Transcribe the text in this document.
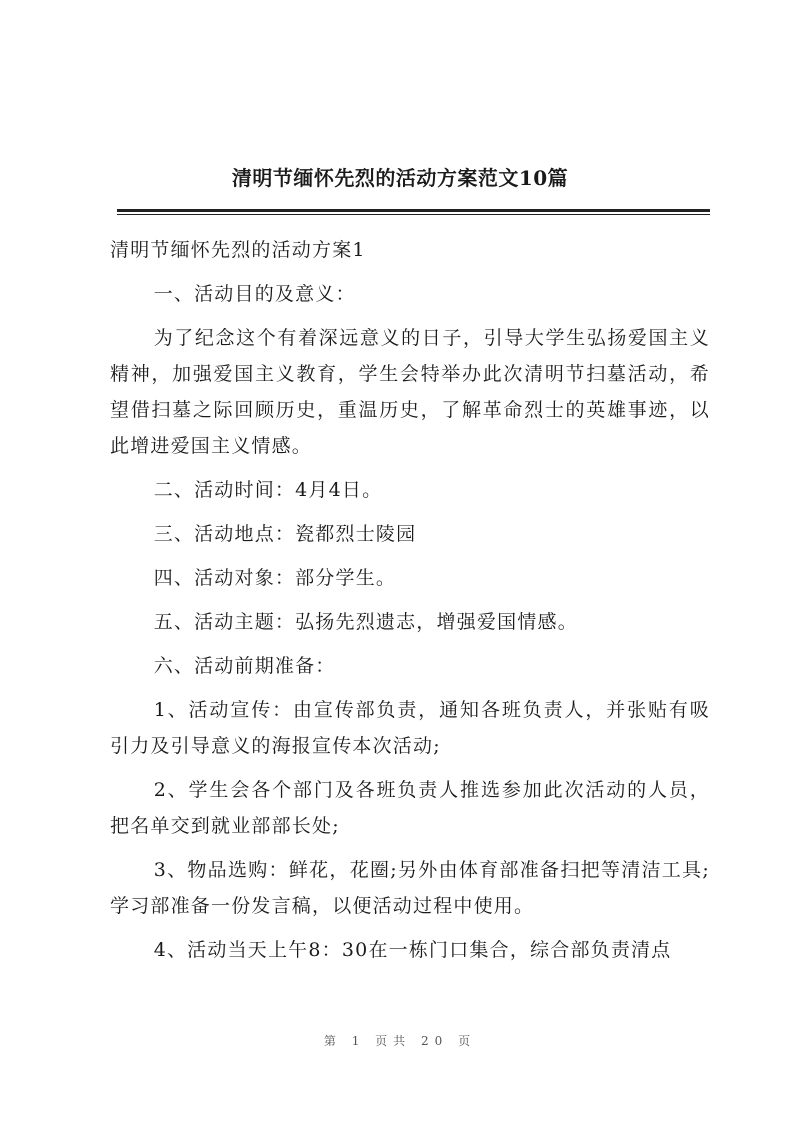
清明节缅怀先烈的活动方案范文10篇

清明节缅怀先烈的活动方案1

一、活动目的及意义：

为了纪念这个有着深远意义的日子，引导大学生弘扬爱国主义精神，加强爱国主义教育，学生会特举办此次清明节扫墓活动，希望借扫墓之际回顾历史，重温历史，了解革命烈士的英雄事迹，以此增进爱国主义情感。

二、活动时间：4月4日。

三、活动地点：瓷都烈士陵园

四、活动对象：部分学生。

五、活动主题：弘扬先烈遗志，增强爱国情感。

六、活动前期准备：

1、活动宣传：由宣传部负责，通知各班负责人，并张贴有吸引力及引导意义的海报宣传本次活动;

2、学生会各个部门及各班负责人推选参加此次活动的人员，把名单交到就业部部长处;

3、物品选购：鲜花，花圈;另外由体育部准备扫把等清洁工具;学习部准备一份发言稿，以便活动过程中使用。

4、活动当天上午8：30在一栋门口集合，综合部负责清点

第 1 页共 20 页
